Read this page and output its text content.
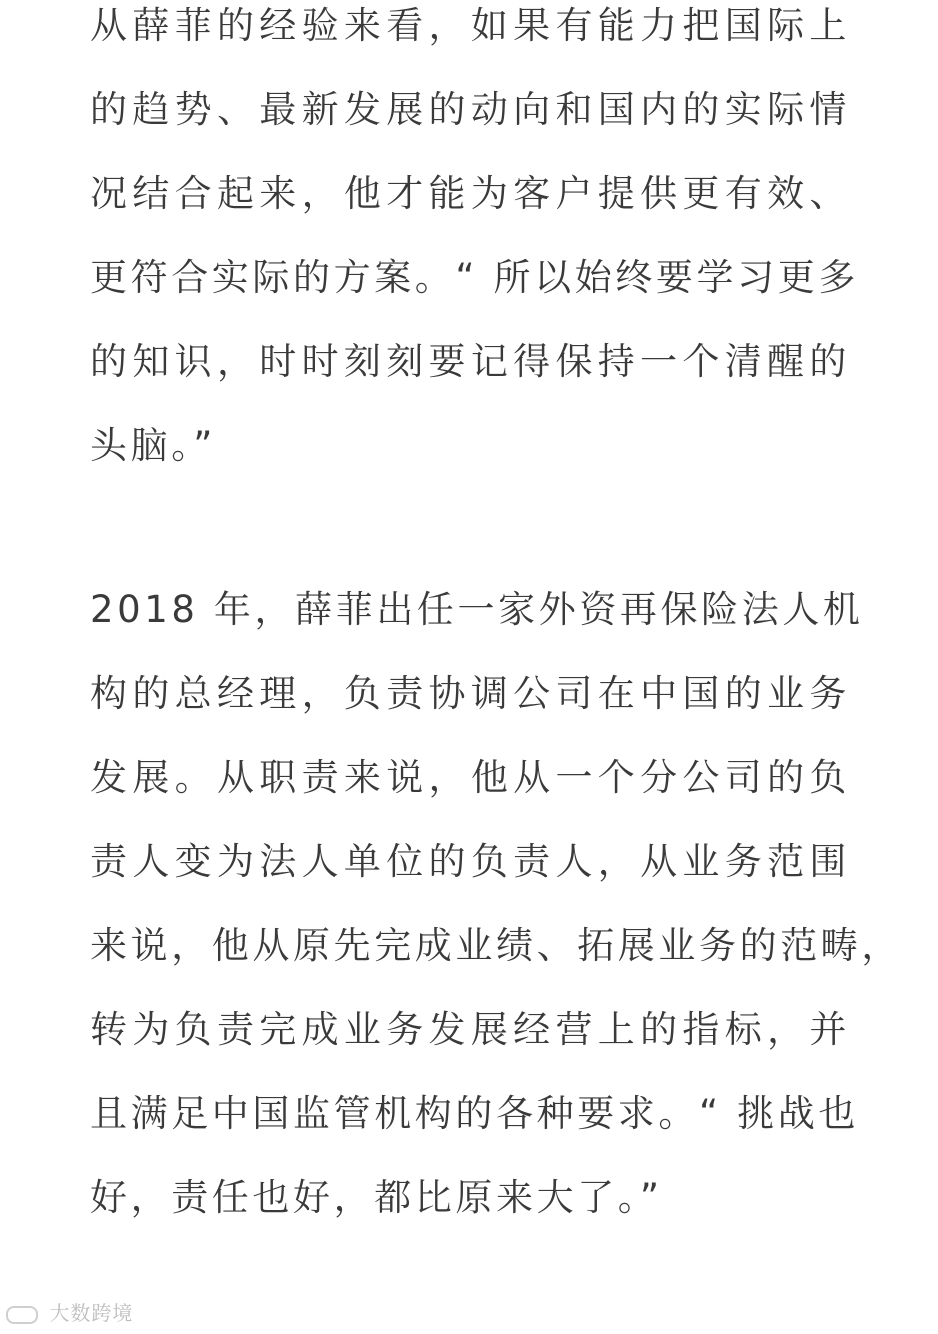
从薛菲的经验来看，如果有能力把国际上

的趋势、最新发展的动向和国内的实际情

况结合起来，他才能为客户提供更有效、

更符合实际的方案。“ 所以始终要学习更多

的知识，时时刻刻要记得保持一个清醒的

头脑。”

2018 年，薛菲出任一家外资再保险法人机

构的总经理，负责协调公司在中国的业务

发展。从职责来说，他从一个分公司的负

责人变为法人单位的负责人，从业务范围

来说，他从原先完成业绩、拓展业务的范畴，

转为负责完成业务发展经营上的指标，并

且满足中国监管机构的各种要求。“ 挑战也

好，责任也好，都比原来大了。”

大数跨境
